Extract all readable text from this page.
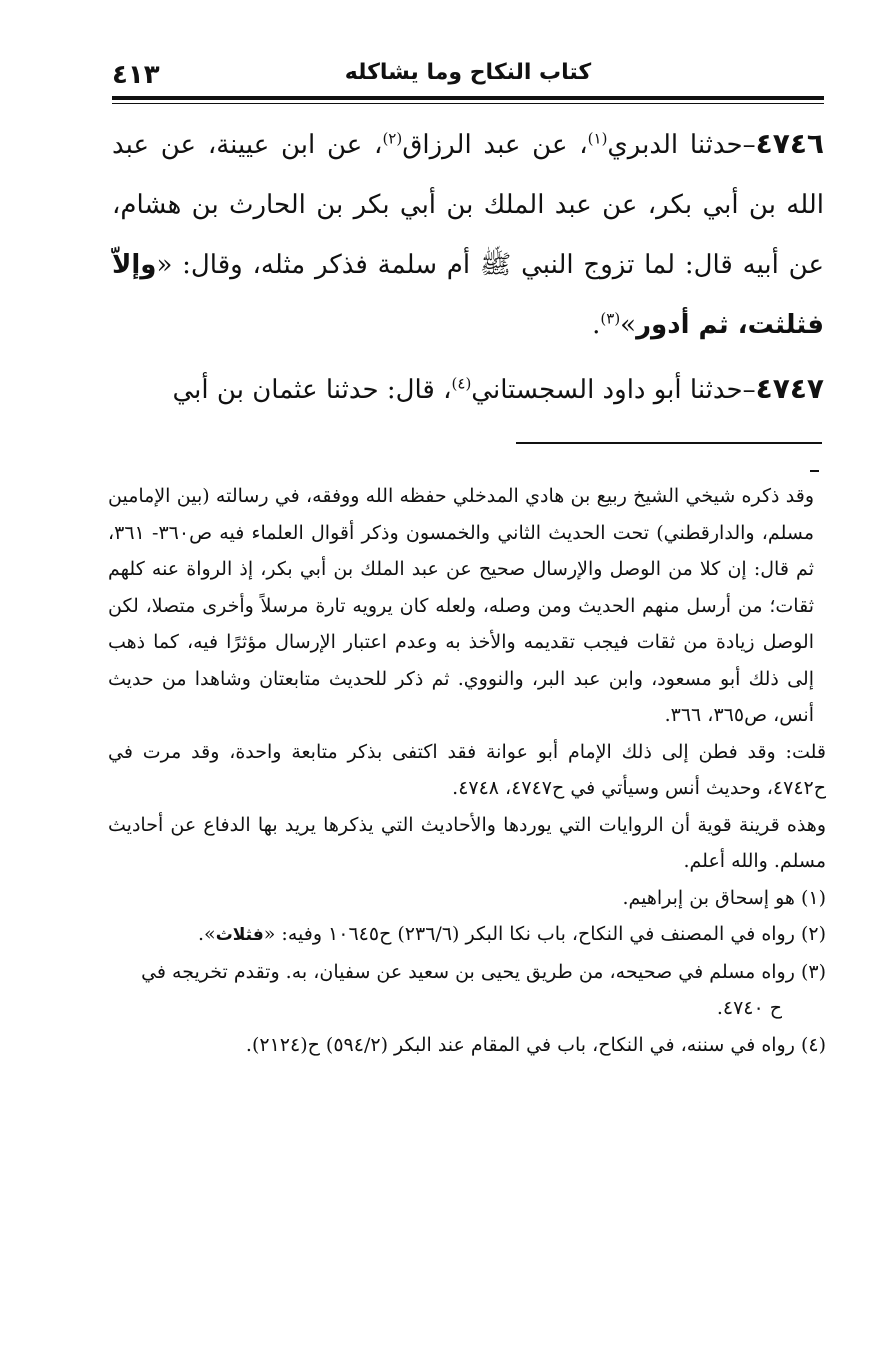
٤١٣	كتاب النكاح وما يشاكله

٤٧٤٦–حدثنا الدبري$^{(١)}$، عن عبد الرزاق$^{(٢)}$، عن ابن عيينة، عن عبد الله بن أبي بكر، عن عبد الملك بن أبي بكر بن الحارث بن هشام، عن أبيه قال: لما تزوج النبي ﷺ أم سلمة فذكر مثله، وقال: «وإلاّ فثلثت، ثم أدور»$^{(٣)}$.

٤٧٤٧–حدثنا أبو داود السجستاني$^{(٤)}$، قال: حدثنا عثمان بن أبي

وقد ذكره شيخي الشيخ ربيع بن هادي المدخلي حفظه الله ووفقه، في رسالته (بين الإمامين مسلم، والدارقطني) تحت الحديث الثاني والخمسون وذكر أقوال العلماء فيه ص٣٦٠- ٣٦١، ثم قال: إن كلا من الوصل والإرسال صحيح عن عبد الملك بن أبي بكر، إذ الرواة عنه كلهم ثقات؛ من أرسل منهم الحديث ومن وصله، ولعله كان يرويه تارة مرسلاً وأخرى متصلا، لكن الوصل زيادة من ثقات فيجب تقديمه والأخذ به وعدم اعتبار الإرسال مؤثرًا فيه، كما ذهب إلى ذلك أبو مسعود، وابن عبد البر، والنووي. ثم ذكر للحديث متابعتان وشاهدا من حديث أنس، ص٣٦٥، ٣٦٦.

قلت: وقد فطن إلى ذلك الإمام أبو عوانة فقد اكتفى بذكر متابعة واحدة، وقد مرت في ح٤٧٤٢، وحديث أنس وسيأتي في ح٤٧٤٧، ٤٧٤٨.

وهذه قرينة قوية أن الروايات التي يوردها والأحاديث التي يذكرها يريد بها الدفاع عن أحاديث مسلم. والله أعلم.

(١) هو إسحاق بن إبراهيم.

(٢) رواه في المصنف في النكاح، باب نكا البكر (٢٣٦/٦) ح١٠٦٤٥ وفيه: «فثلاث».

(٣) رواه مسلم في صحيحه، من طريق يحيى بن سعيد عن سفيان، به. وتقدم تخريجه في
ح ٤٧٤٠.

(٤) رواه في سننه، في النكاح، باب في المقام عند البكر (٥٩٤/٢) ح(٢١٢٤).
